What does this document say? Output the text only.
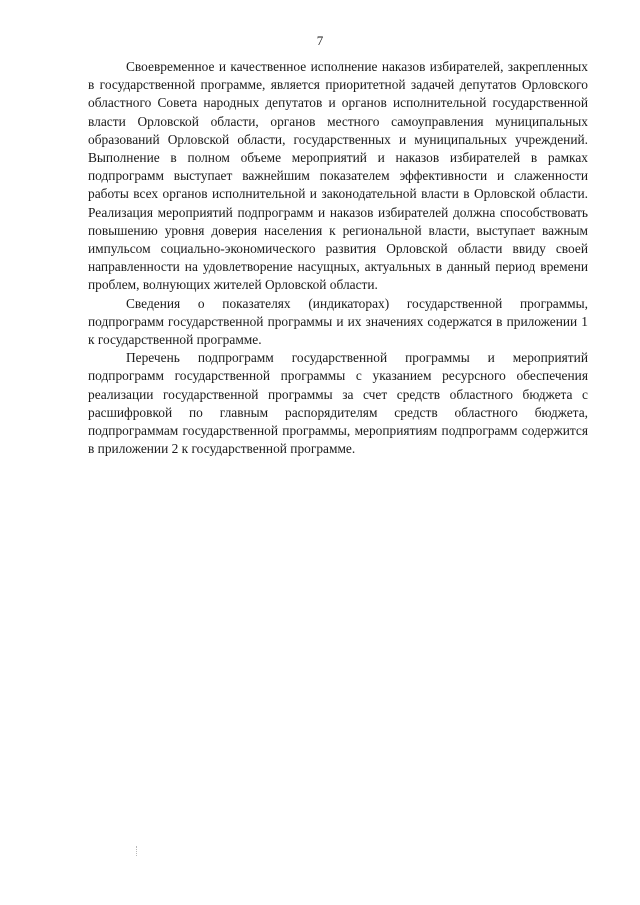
7

Своевременное и качественное исполнение наказов избирателей, закрепленных в государственной программе, является приоритетной задачей депутатов Орловского областного Совета народных депутатов и органов исполнительной государственной власти Орловской области, органов местного самоуправления муниципальных образований Орловской области, государственных и муниципальных учреждений. Выполнение в полном объеме мероприятий и наказов избирателей в рамках подпрограмм выступает важнейшим показателем эффективности и слаженности работы всех органов исполнительной и законодательной власти в Орловской области. Реализация мероприятий подпрограмм и наказов избирателей должна способствовать повышению уровня доверия населения к региональной власти, выступает важным импульсом социально-экономического развития Орловской области ввиду своей направленности на удовлетворение насущных, актуальных в данный период времени проблем, волнующих жителей Орловской области.

Сведения о показателях (индикаторах) государственной программы, подпрограмм государственной программы и их значениях содержатся в приложении 1 к государственной программе.

Перечень подпрограмм государственной программы и мероприятий подпрограмм государственной программы с указанием ресурсного обеспечения реализации государственной программы за счет средств областного бюджета с расшифровкой по главным распорядителям средств областного бюджета, подпрограммам государственной программы, мероприятиям подпрограмм содержится в приложении 2 к государственной программе.
